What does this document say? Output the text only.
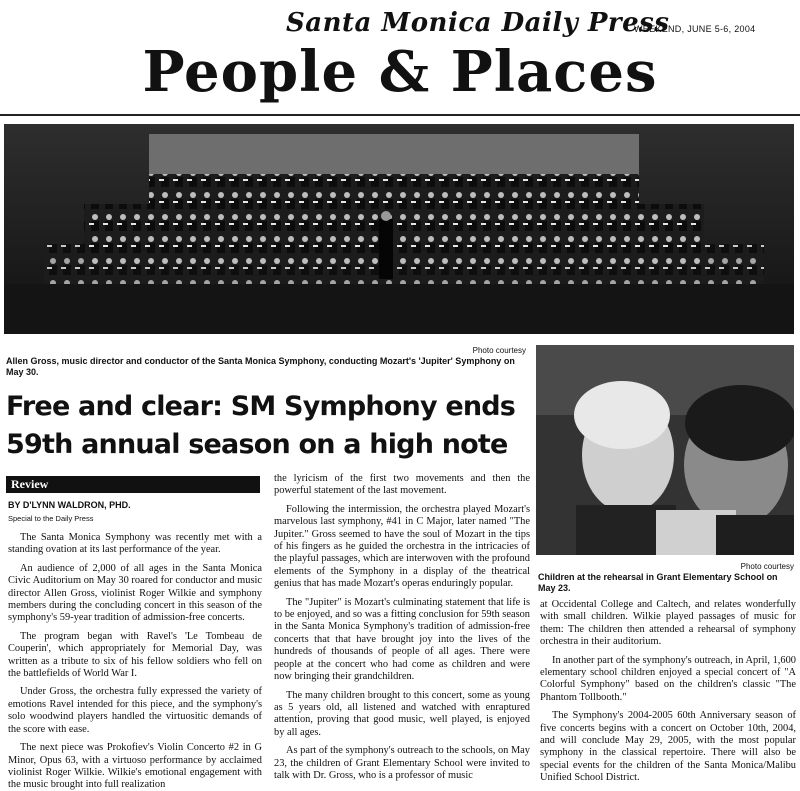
Santa Monica Daily Press
WEEKEND, JUNE 5-6, 2004
People & Places
Photo courtesy
Allen Gross, music director and conductor of the Santa Monica Symphony, conducting Mozart's 'Jupiter' Symphony on May 30.
Photo courtesy
Children at the rehearsal in Grant Elementary School on May 23.
Free and clear: SM Symphony ends
59th annual season on a high note
Review
BY D'LYNN WALDRON, PHD.
Special to the Daily Press

The Santa Monica Symphony was recently met with a standing ovation at its last performance of the year.

An audience of 2,000 of all ages in the Santa Monica Civic Auditorium on May 30 roared for conductor and music director Allen Gross, violinist Roger Wilkie and symphony members during the concluding concert in this season of the symphony's 59-year tradition of admission-free concerts.

The program began with Ravel's 'Le Tombeau de Couperin', which appropriately for Memorial Day, was written as a tribute to six of his fellow soldiers who fell on the battlefields of World War I.

Under Gross, the orchestra fully expressed the variety of emotions Ravel intended for this piece, and the symphony's solo woodwind players handled the virtuositic demands of the score with ease.

The next piece was Prokofiev's Violin Concerto #2 in G Minor, Opus 63, with a virtuoso performance by acclaimed violinist Roger Wilkie. Wilkie's emotional engagement with the music brought into full realization

the lyricism of the first two movements and then the powerful statement of the last movement.

Following the intermission, the orchestra played Mozart's marvelous last symphony, #41 in C Major, later named "The Jupiter." Gross seemed to have the soul of Mozart in the tips of his fingers as he guided the orchestra in the intricacies of the playful passages, which are interwoven with the profound elements of the Symphony in a display of the theatrical genius that has made Mozart's operas enduringly popular.

The "Jupiter" is Mozart's culminating statement that life is to be enjoyed, and so was a fitting conclusion for 59th season in the Santa Monica Symphony's tradition of admission-free concerts that that have brought joy into the lives of the hundreds of thousands of people of all ages. There were people at the concert who had come as children and were now bringing their grandchildren.

The many children brought to this concert, some as young as 5 years old, all listened and watched with enraptured attention, proving that good music, well played, is enjoyed by all ages.

As part of the symphony's outreach to the schools, on May 23, the children of Grant Elementary School were invited to talk with Dr. Gross, who is a professor of music

at Occidental College and Caltech, and relates wonderfully with small children. Wilkie played passages of music for them: The children then attended a rehearsal of symphony orchestra in their auditorium.

In another part of the symphony's outreach, in April, 1,600 elementary school children enjoyed a special concert of "A Colorful Symphony" based on the children's classic "The Phantom Tollbooth."

The Symphony's 2004-2005 60th Anniversary season of five concerts begins with a concert on October 10th, 2004, and will conclude May 29, 2005, with the most popular symphony in the classical repertoire. There will also be special events for the children of the Santa Monica/Malibu Unified School District.
